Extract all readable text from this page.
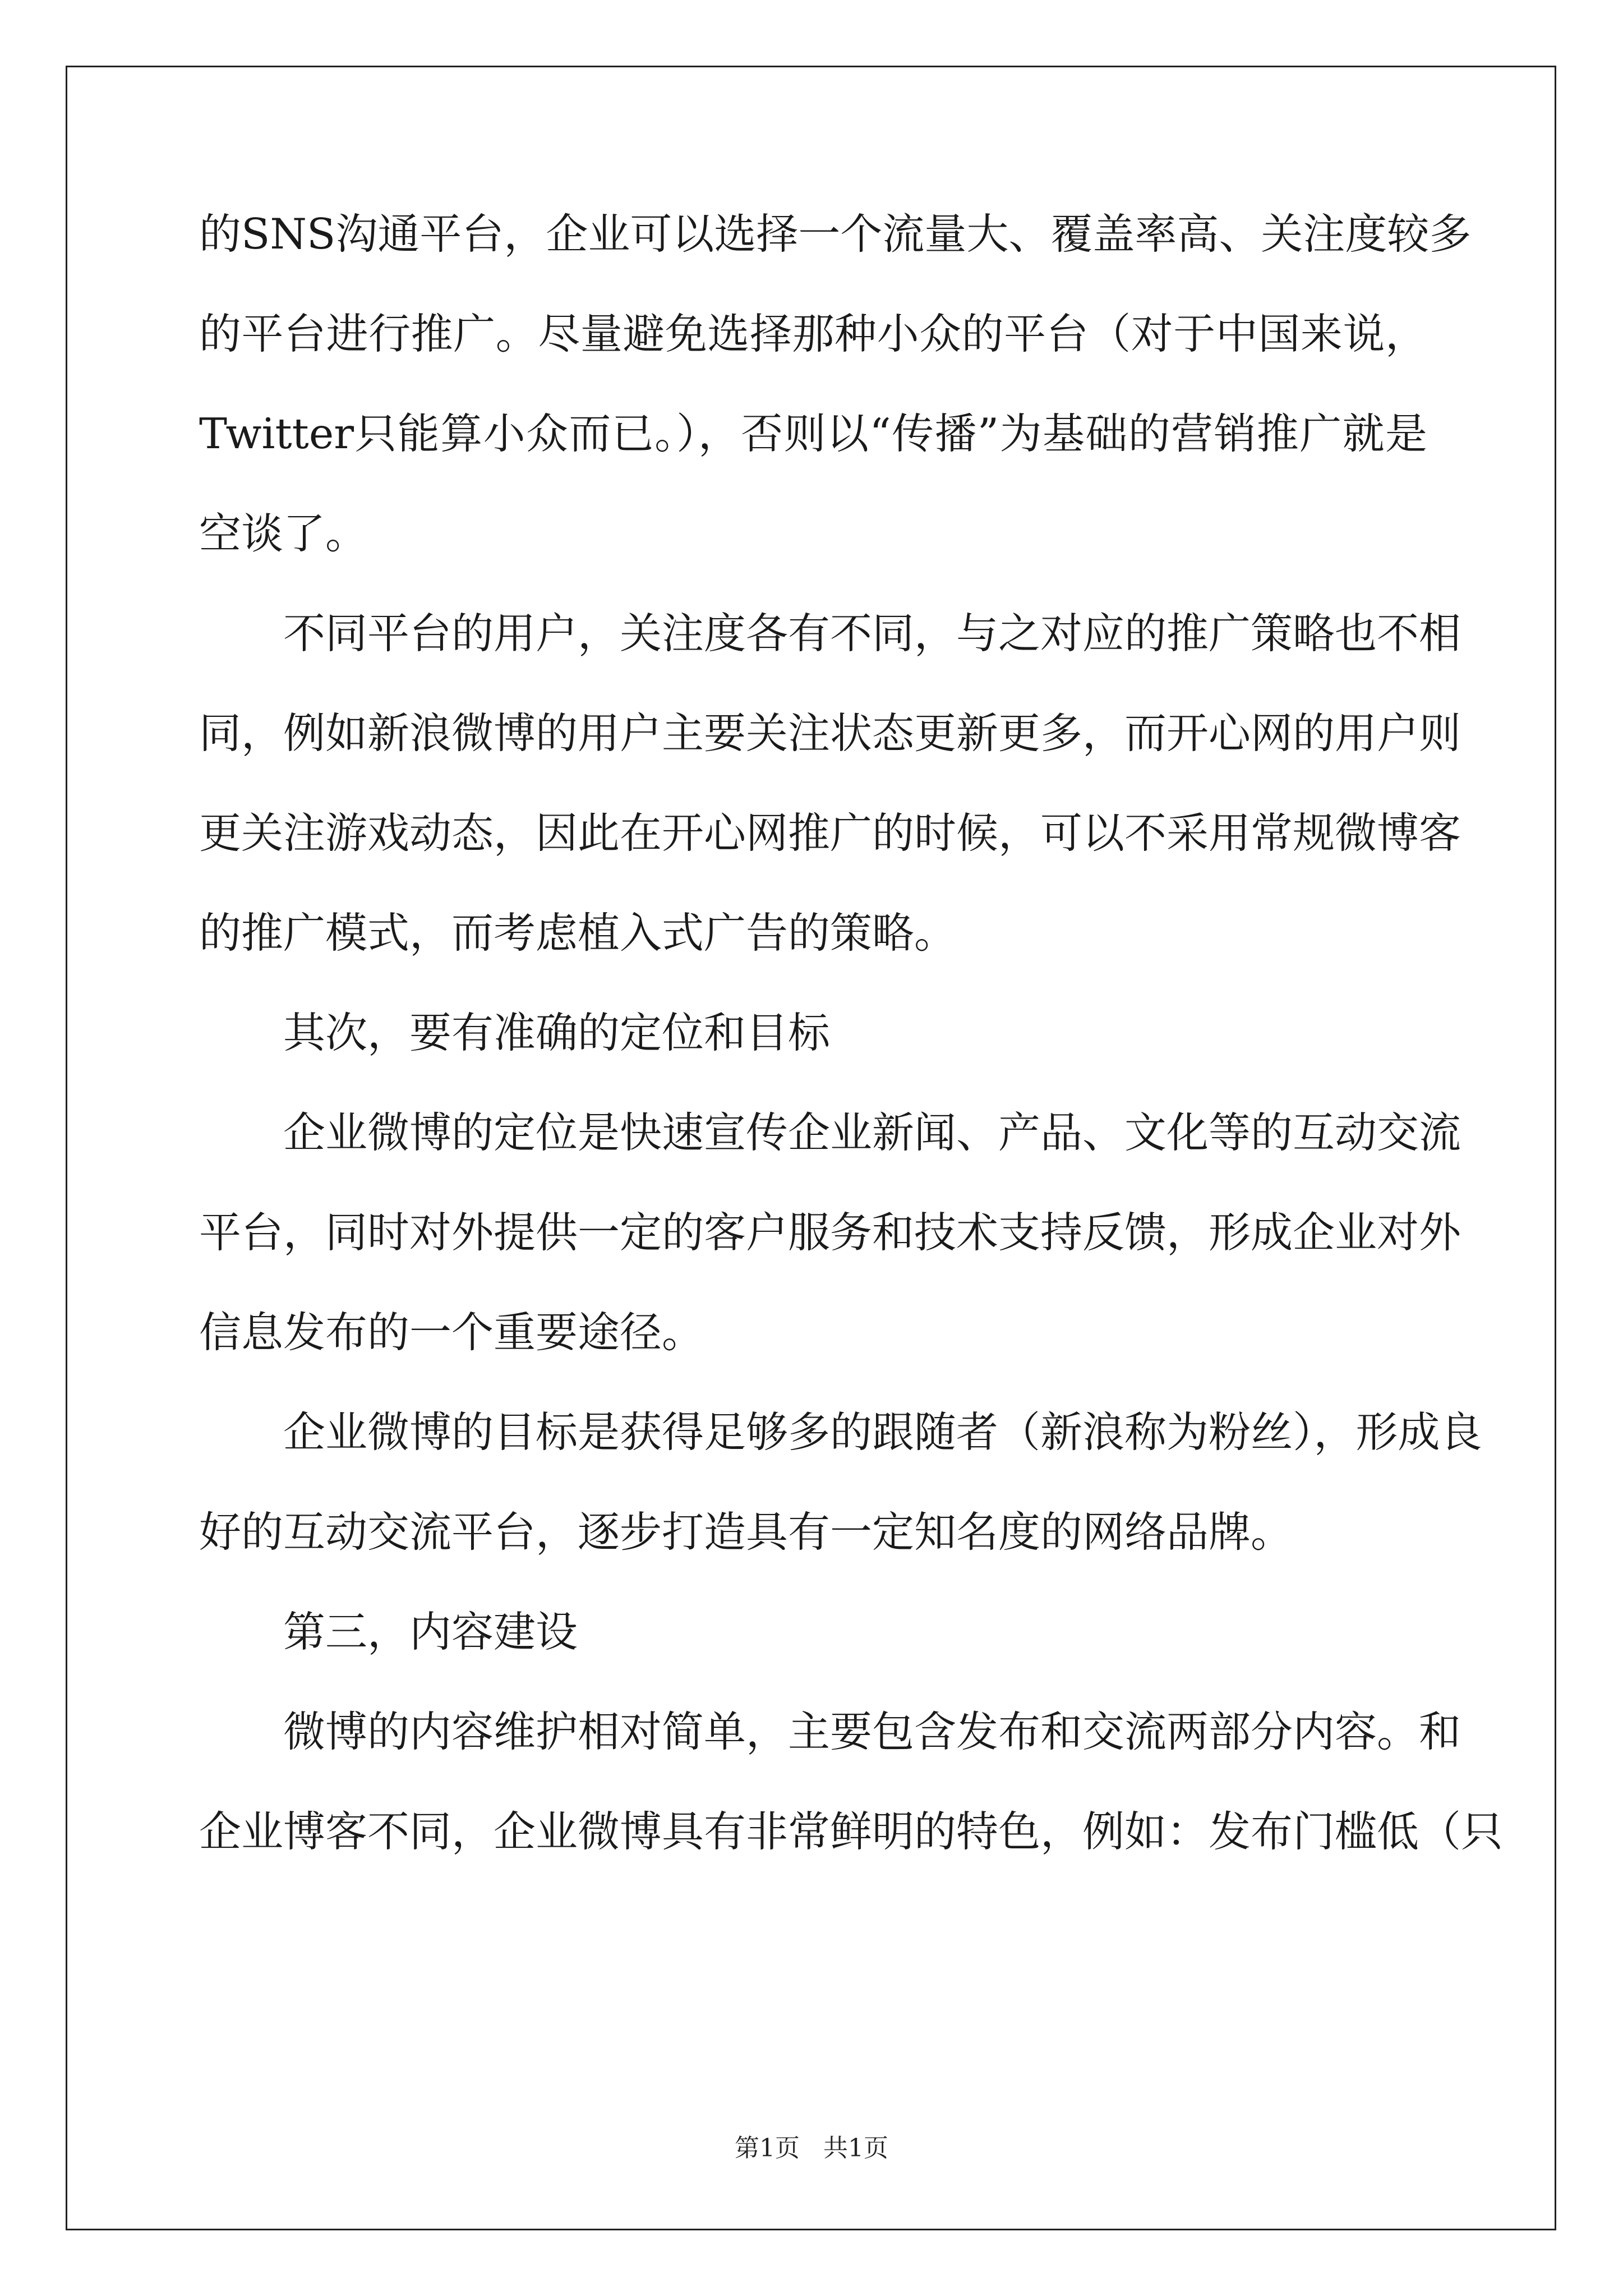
的SNS沟通平台，企业可以选择一个流量大、覆盖率高、关注度较多
的平台进行推广。尽量避免选择那种小众的平台（对于中国来说，
Twitter只能算小众而已。），否则以“传播”为基础的营销推广就是
空谈了。
不同平台的用户，关注度各有不同，与之对应的推广策略也不相
同，例如新浪微博的用户主要关注状态更新更多，而开心网的用户则
更关注游戏动态，因此在开心网推广的时候，可以不采用常规微博客
的推广模式，而考虑植入式广告的策略。
其次，要有准确的定位和目标
企业微博的定位是快速宣传企业新闻、产品、文化等的互动交流
平台，同时对外提供一定的客户服务和技术支持反馈，形成企业对外
信息发布的一个重要途径。
企业微博的目标是获得足够多的跟随者（新浪称为粉丝），形成良
好的互动交流平台，逐步打造具有一定知名度的网络品牌。
第三，内容建设
微博的内容维护相对简单，主要包含发布和交流两部分内容。和
企业博客不同，企业微博具有非常鲜明的特色，例如：发布门槛低（只
第1页 共1页
